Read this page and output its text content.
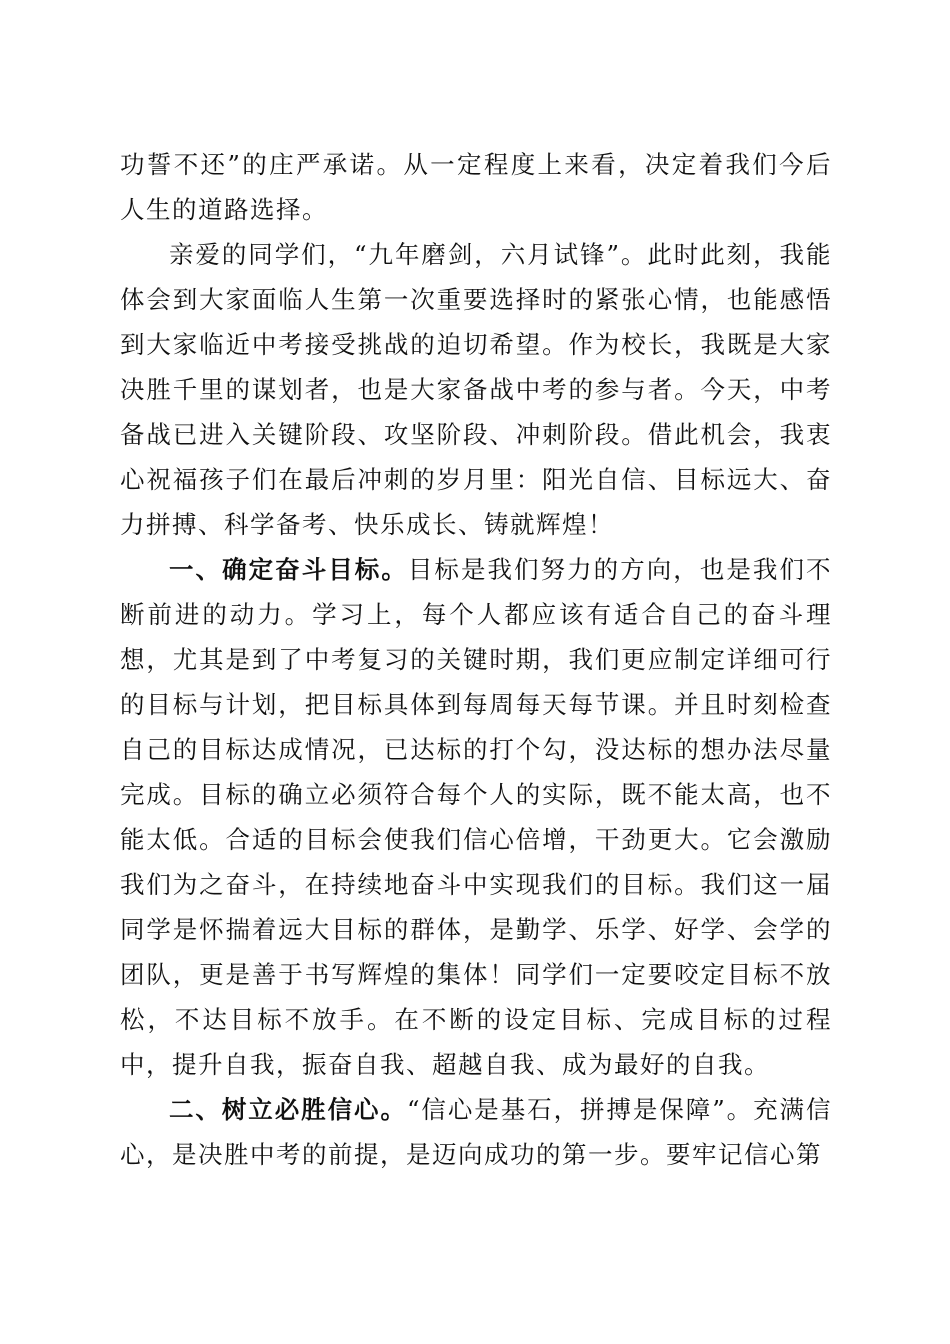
功誓不还”的庄严承诺。从一定程度上来看，决定着我们今后人生的道路选择。

亲爱的同学们，“九年磨剑，六月试锋”。此时此刻，我能体会到大家面临人生第一次重要选择时的紧张心情，也能感悟到大家临近中考接受挑战的迫切希望。作为校长，我既是大家决胜千里的谋划者，也是大家备战中考的参与者。今天，中考备战已进入关键阶段、攻坚阶段、冲刺阶段。借此机会，我衷心祝福孩子们在最后冲刺的岁月里：阳光自信、目标远大、奋力拼搏、科学备考、快乐成长、铸就辉煌！

一、确定奋斗目标。目标是我们努力的方向，也是我们不断前进的动力。学习上，每个人都应该有适合自己的奋斗理想，尤其是到了中考复习的关键时期，我们更应制定详细可行的目标与计划，把目标具体到每周每天每节课。并且时刻检查自己的目标达成情况，已达标的打个勾，没达标的想办法尽量完成。目标的确立必须符合每个人的实际，既不能太高，也不能太低。合适的目标会使我们信心倍增，干劲更大。它会激励我们为之奋斗，在持续地奋斗中实现我们的目标。我们这一届同学是怀揣着远大目标的群体，是勤学、乐学、好学、会学的团队，更是善于书写辉煌的集体！同学们一定要咬定目标不放松，不达目标不放手。在不断的设定目标、完成目标的过程中，提升自我，振奋自我、超越自我、成为最好的自我。

二、树立必胜信心。“信心是基石，拼搏是保障”。充满信心，是决胜中考的前提，是迈向成功的第一步。要牢记信心第
